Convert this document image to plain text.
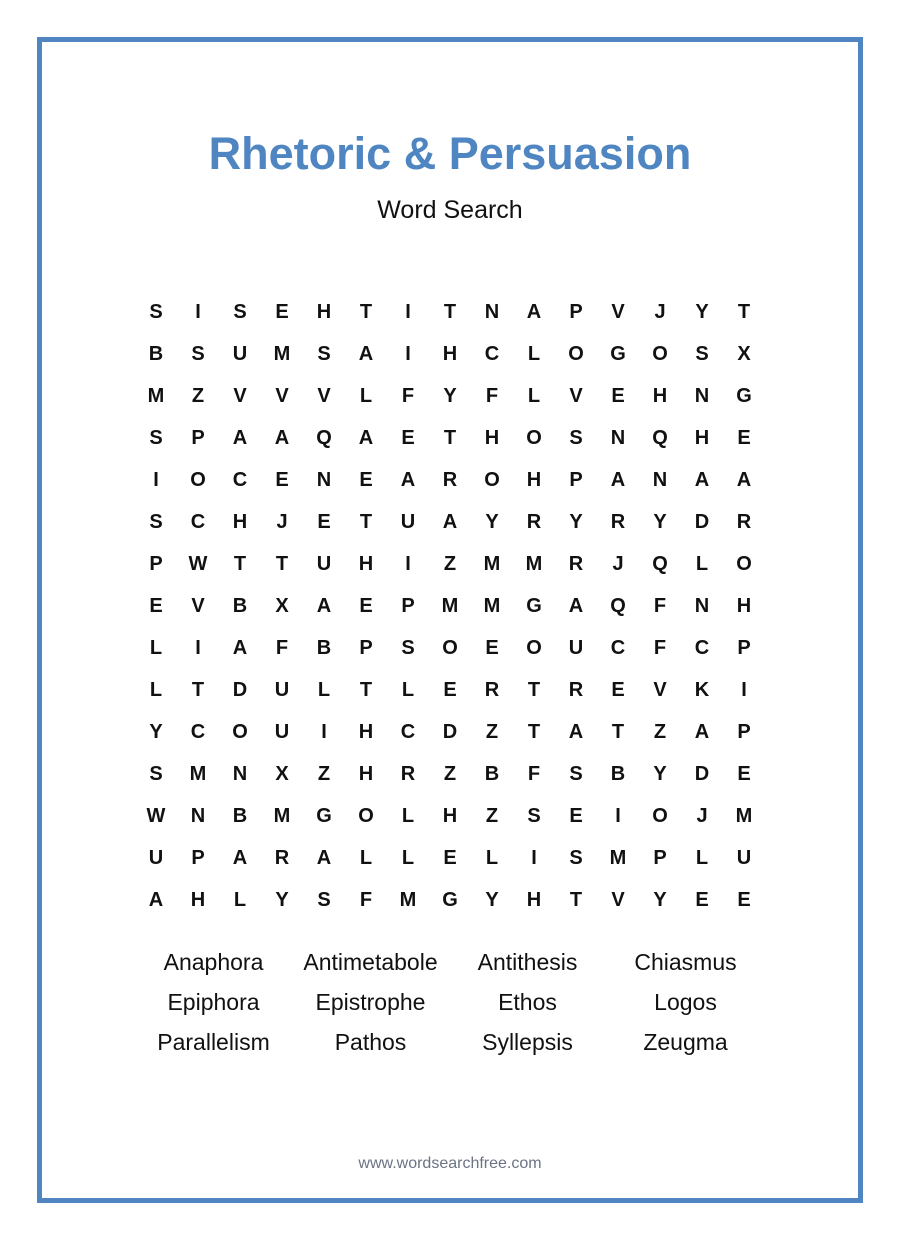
Rhetoric & Persuasion
Word Search
S	I	S	E	H	T	I	T	N	A	P	V	J	Y	T
B	S	U	M	S	A	I	H	C	L	O	G	O	S	X
M	Z	V	V	V	L	F	Y	F	L	V	E	H	N	G
S	P	A	A	Q	A	E	T	H	O	S	N	Q	H	E
I	O	C	E	N	E	A	R	O	H	P	A	N	A	A
S	C	H	J	E	T	U	A	Y	R	Y	R	Y	D	R
P	W	T	T	U	H	I	Z	M	M	R	J	Q	L	O
E	V	B	X	A	E	P	M	M	G	A	Q	F	N	H
L	I	A	F	B	P	S	O	E	O	U	C	F	C	P
L	T	D	U	L	T	L	E	R	T	R	E	V	K	I
Y	C	O	U	I	H	C	D	Z	T	A	T	Z	A	P
S	M	N	X	Z	H	R	Z	B	F	S	B	Y	D	E
W	N	B	M	G	O	L	H	Z	S	E	I	O	J	M
U	P	A	R	A	L	L	E	L	I	S	M	P	L	U
A	H	L	Y	S	F	M	G	Y	H	T	V	Y	E	E
Anaphora	Antimetabole	Antithesis	Chiasmus
Epiphora	Epistrophe	Ethos	Logos
Parallelism	Pathos	Syllepsis	Zeugma
www.wordsearchfree.com
